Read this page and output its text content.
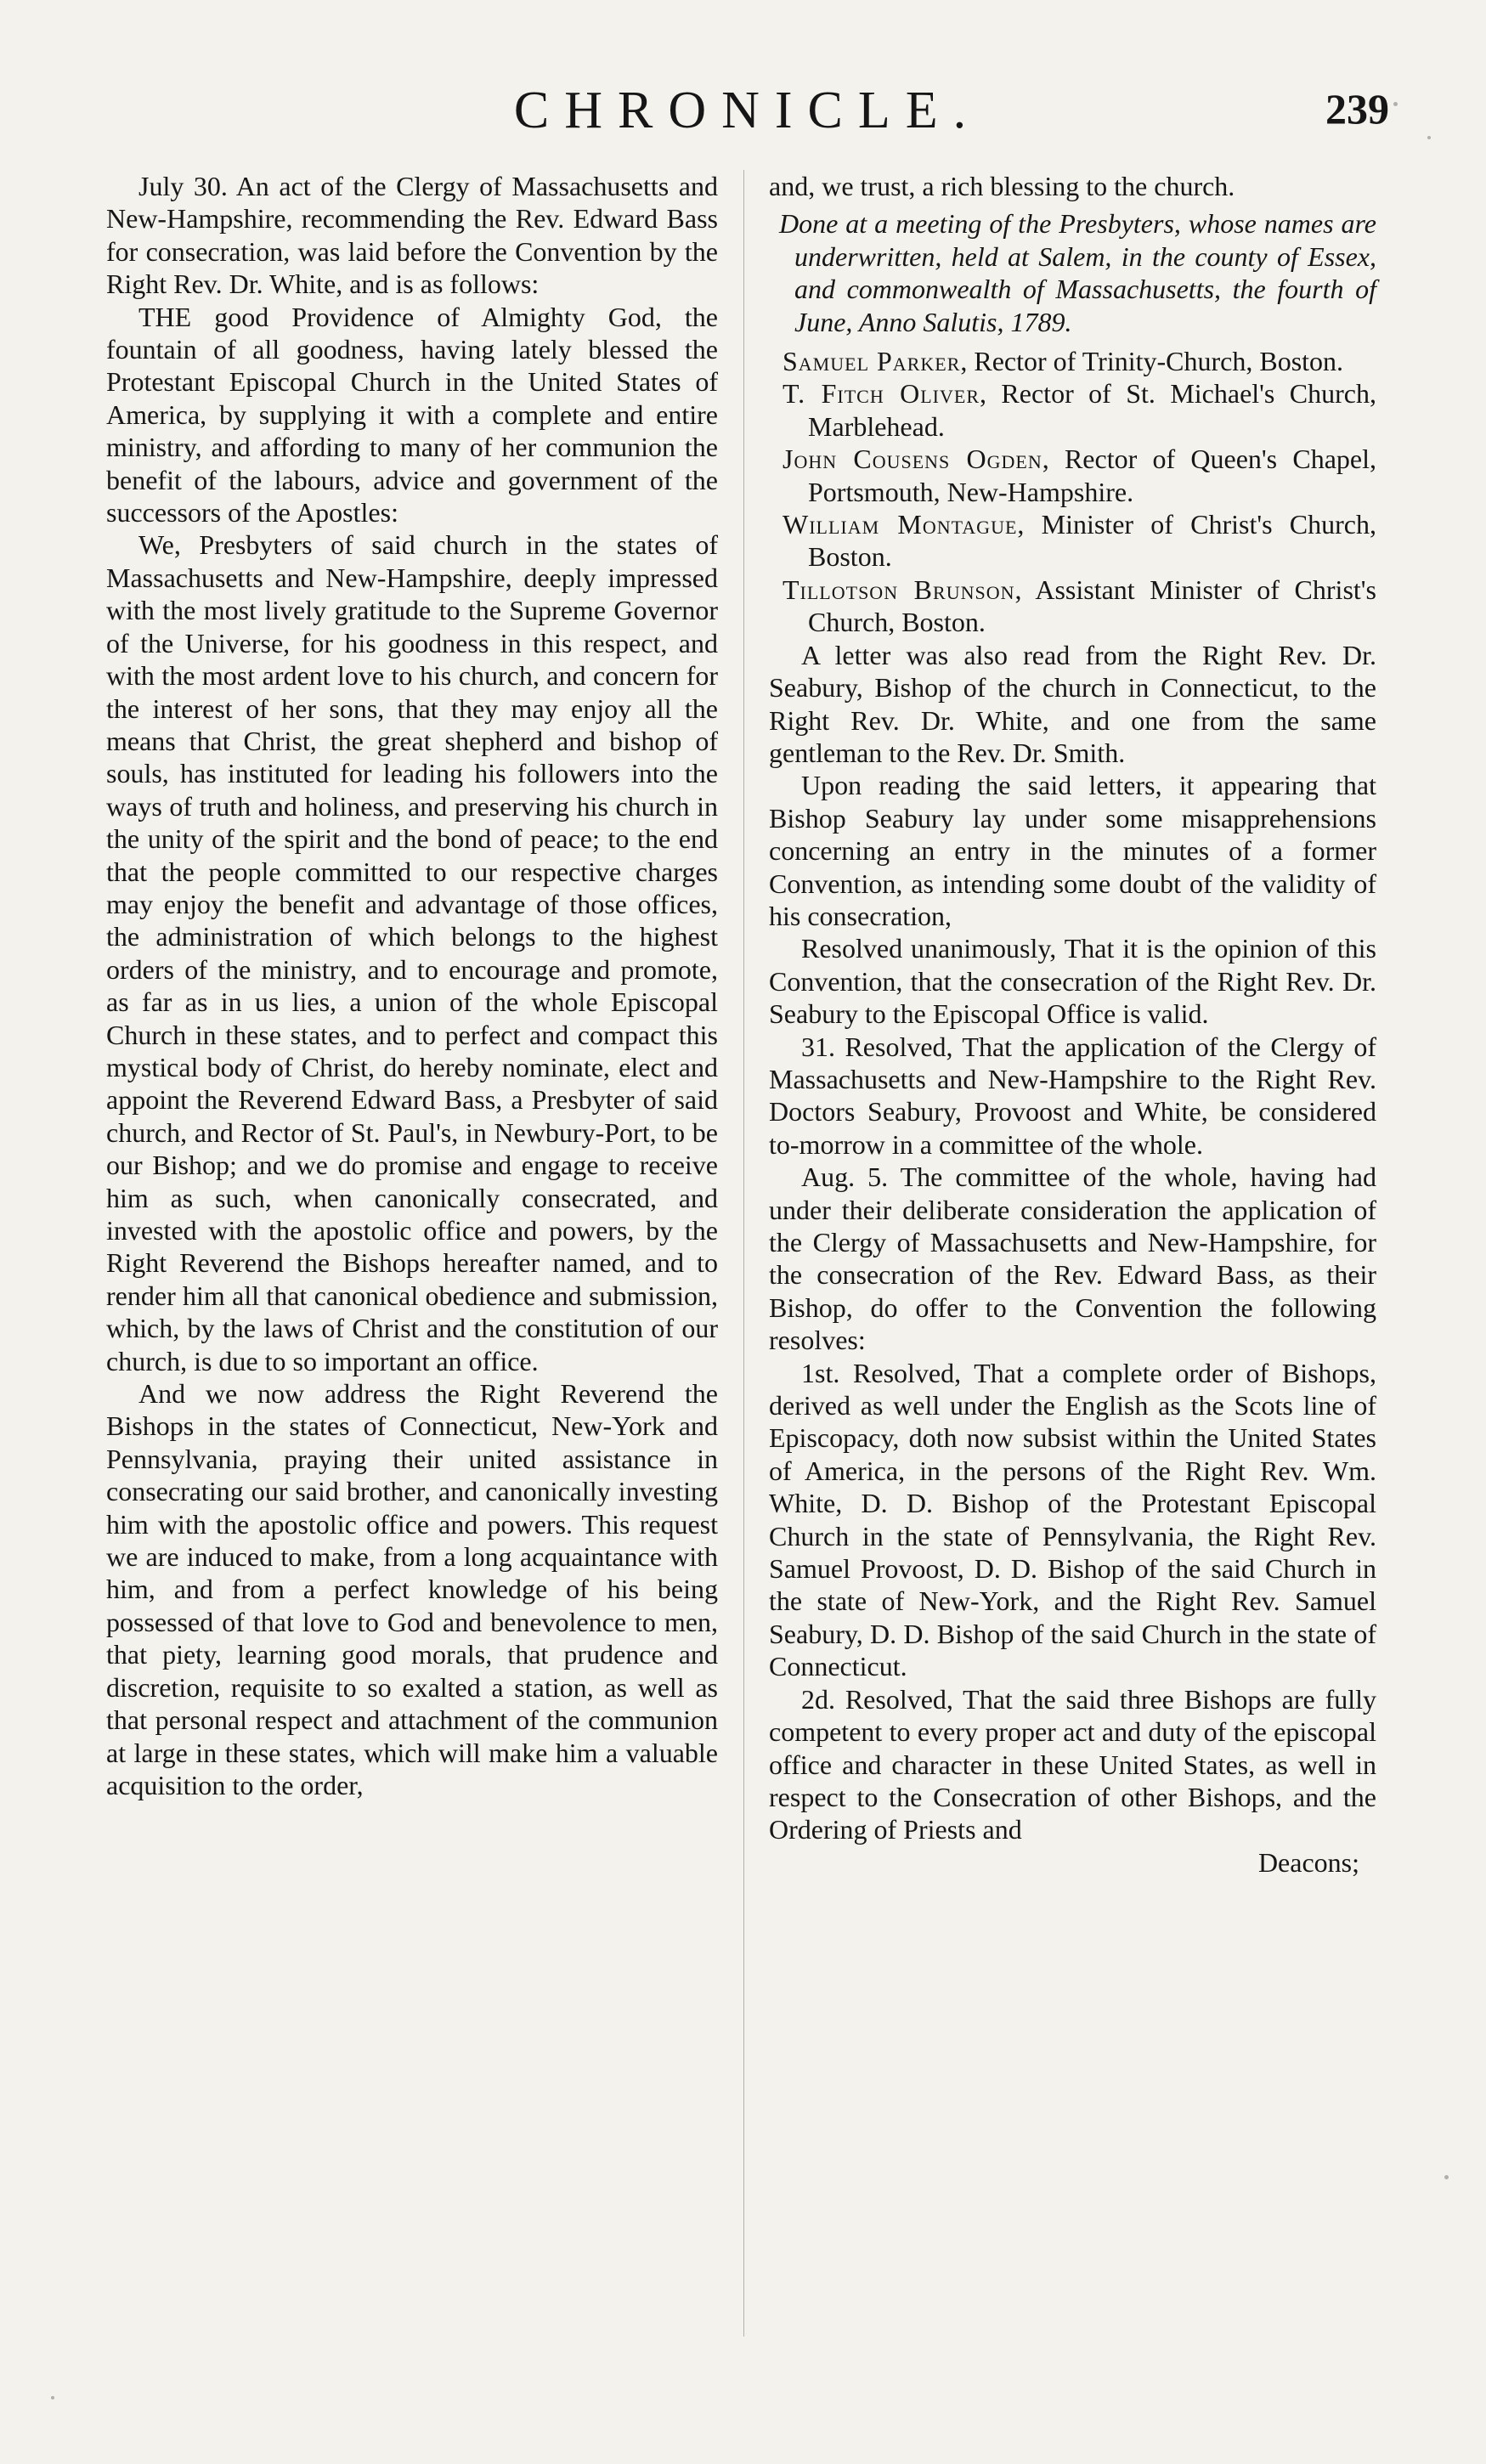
CHRONICLE.	239

July 30. An act of the Clergy of Massachusetts and New-Hampshire, recommending the Rev. Edward Bass for consecration, was laid before the Convention by the Right Rev. Dr. White, and is as follows:

THE good Providence of Almighty God, the fountain of all goodness, having lately blessed the Protestant Episcopal Church in the United States of America, by supplying it with a complete and entire ministry, and affording to many of her communion the benefit of the labours, advice and government of the successors of the Apostles:

We, Presbyters of said church in the states of Massachusetts and New-Hampshire, deeply impressed with the most lively gratitude to the Supreme Governor of the Universe, for his goodness in this respect, and with the most ardent love to his church, and concern for the interest of her sons, that they may enjoy all the means that Christ, the great shepherd and bishop of souls, has instituted for leading his followers into the ways of truth and holiness, and preserving his church in the unity of the spirit and the bond of peace; to the end that the people committed to our respective charges may enjoy the benefit and advantage of those offices, the administration of which belongs to the highest orders of the ministry, and to encourage and promote, as far as in us lies, a union of the whole Episcopal Church in these states, and to perfect and compact this mystical body of Christ, do hereby nominate, elect and appoint the Reverend Edward Bass, a Presbyter of said church, and Rector of St. Paul's, in Newbury-Port, to be our Bishop; and we do promise and engage to receive him as such, when canonically consecrated, and invested with the apostolic office and powers, by the Right Reverend the Bishops hereafter named, and to render him all that canonical obedience and submission, which, by the laws of Christ and the constitution of our church, is due to so important an office.

And we now address the Right Reverend the Bishops in the states of Connecticut, New-York and Pennsylvania, praying their united assistance in consecrating our said brother, and canonically investing him with the apostolic office and powers. This request we are induced to make, from a long acquaintance with him, and from a perfect knowledge of his being possessed of that love to God and benevolence to men, that piety, learning good morals, that prudence and discretion, requisite to so exalted a station, as well as that personal respect and attachment of the communion at large in these states, which will make him a valuable acquisition to the order,

and, we trust, a rich blessing to the church.

Done at a meeting of the Presbyters, whose names are underwritten, held at Salem, in the county of Essex, and commonwealth of Massachusetts, the fourth of June, Anno Salutis, 1789.

Samuel Parker, Rector of Trinity-Church, Boston.

T. Fitch Oliver, Rector of St. Michael's Church, Marblehead.

John Cousens Ogden, Rector of Queen's Chapel, Portsmouth, New-Hampshire.

William Montague, Minister of Christ's Church, Boston.

Tillotson Brunson, Assistant Minister of Christ's Church, Boston.

A letter was also read from the Right Rev. Dr. Seabury, Bishop of the church in Connecticut, to the Right Rev. Dr. White, and one from the same gentleman to the Rev. Dr. Smith.

Upon reading the said letters, it appearing that Bishop Seabury lay under some misapprehensions concerning an entry in the minutes of a former Convention, as intending some doubt of the validity of his consecration,

Resolved unanimously, That it is the opinion of this Convention, that the consecration of the Right Rev. Dr. Seabury to the Episcopal Office is valid.

31. Resolved, That the application of the Clergy of Massachusetts and New-Hampshire to the Right Rev. Doctors Seabury, Provoost and White, be considered to-morrow in a committee of the whole.

Aug. 5. The committee of the whole, having had under their deliberate consideration the application of the Clergy of Massachusetts and New-Hampshire, for the consecration of the Rev. Edward Bass, as their Bishop, do offer to the Convention the following resolves:

1st. Resolved, That a complete order of Bishops, derived as well under the English as the Scots line of Episcopacy, doth now subsist within the United States of America, in the persons of the Right Rev. Wm. White, D. D. Bishop of the Protestant Episcopal Church in the state of Pennsylvania, the Right Rev. Samuel Provoost, D. D. Bishop of the said Church in the state of New-York, and the Right Rev. Samuel Seabury, D. D. Bishop of the said Church in the state of Connecticut.

2d. Resolved, That the said three Bishops are fully competent to every proper act and duty of the episcopal office and character in these United States, as well in respect to the Consecration of other Bishops, and the Ordering of Priests and

Deacons;
